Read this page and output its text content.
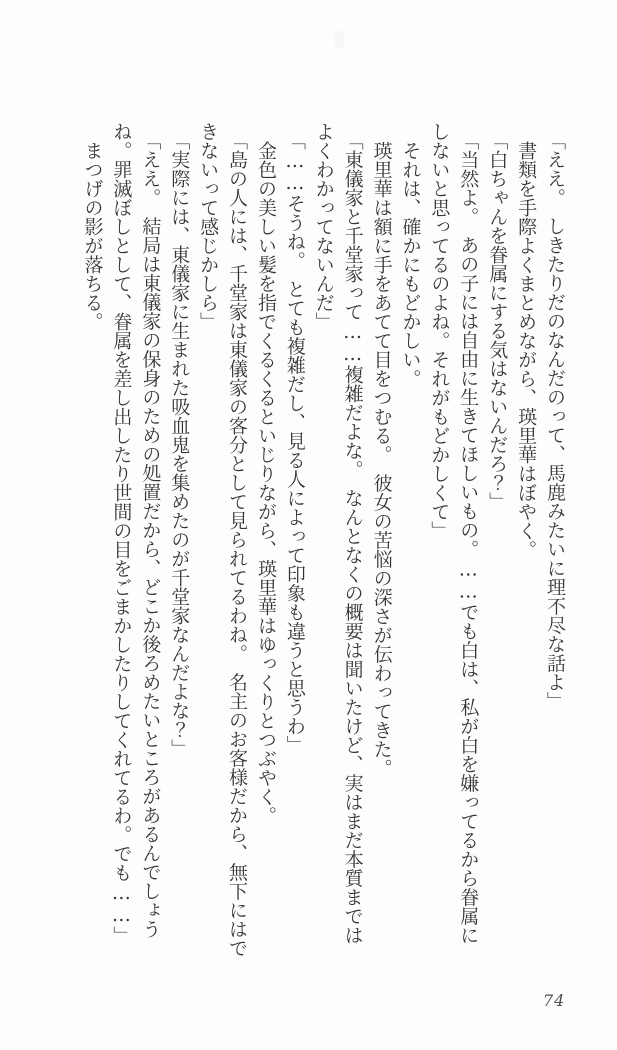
「ええ。　しきたりだのなんだのって、馬鹿みたいに理不尽な話よ」

書類を手際よくまとめながら、瑛里華はぼやく。

「白ちゃんを眷属にする気はないんだろ？」

「当然よ。　あの子には自由に生きてほしいもの。……でも白は、私が白を嫌ってるから眷属にしないと思ってるのよね。それがもどかしくて」

それは、確かにもどかしい。

瑛里華は額に手をあてて目をつむる。　彼女の苦悩の深さが伝わってきた。

「東儀家と千堂家って……複雑だよな。　なんとなくの概要は聞いたけど、実はまだ本質まではよくわかってないんだ」

「……そうね。　とても複雑だし、見る人によって印象も違うと思うわ」

金色の美しい髪を指でくるくるといじりながら、瑛里華はゆっくりとつぶやく。

「島の人には、千堂家は東儀家の客分として見られてるわね。　名主のお客様だから、無下にはできないって感じかしら」

「実際には、東儀家に生まれた吸血鬼を集めたのが千堂家なんだよな？」

「ええ。　結局は東儀家の保身のための処置だから、どこか後ろめたいところがあるんでしょうね。罪滅ぼしとして、眷属を差し出したり世間の目をごまかしたりしてくれてるわ。でも……」

まつげの影が落ちる。

74
